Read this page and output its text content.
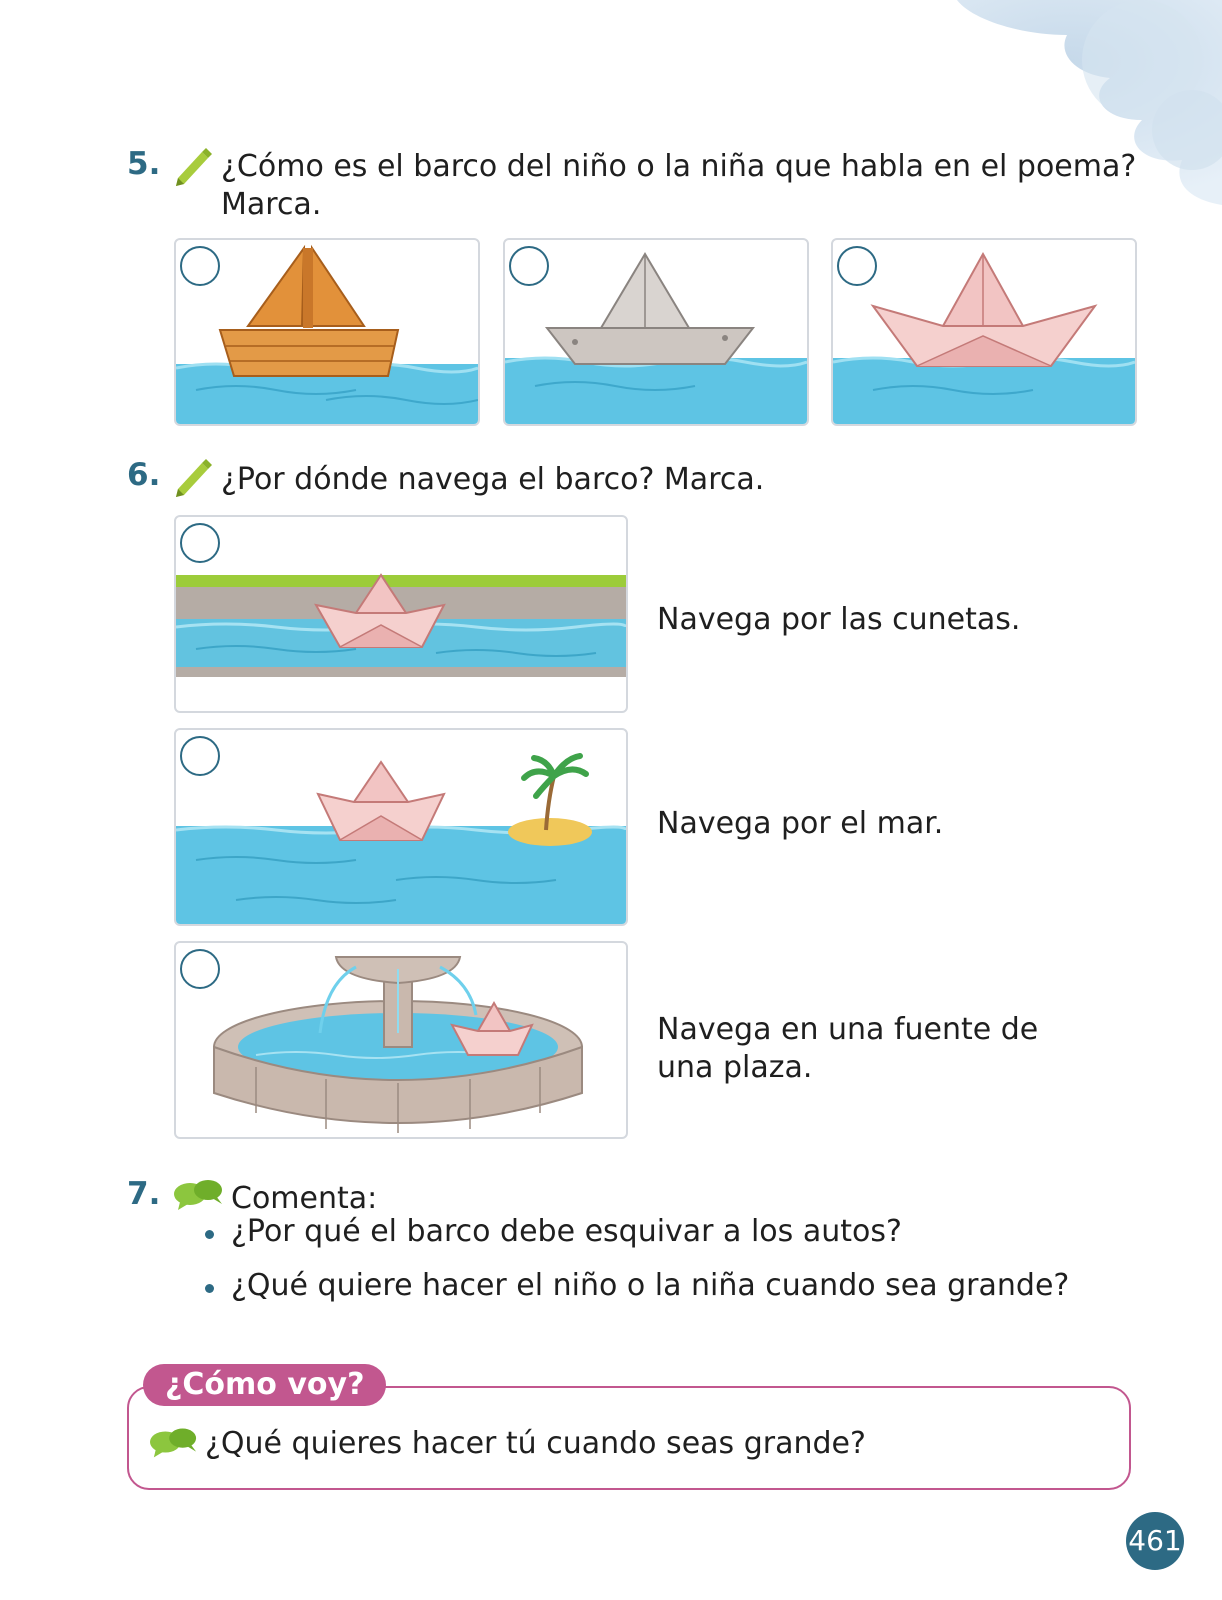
5. ¿Cómo es el barco del niño o la niña que habla en el poema?
Marca.
6. ¿Por dónde navega el barco? Marca.
Navega por las cunetas.
Navega por el mar.
Navega en una fuente de
una plaza.
7. Comenta:
¿Por qué el barco debe esquivar a los autos?
¿Qué quiere hacer el niño o la niña cuando sea grande?
¿Cómo voy?
¿Qué quieres hacer tú cuando seas grande?
461
